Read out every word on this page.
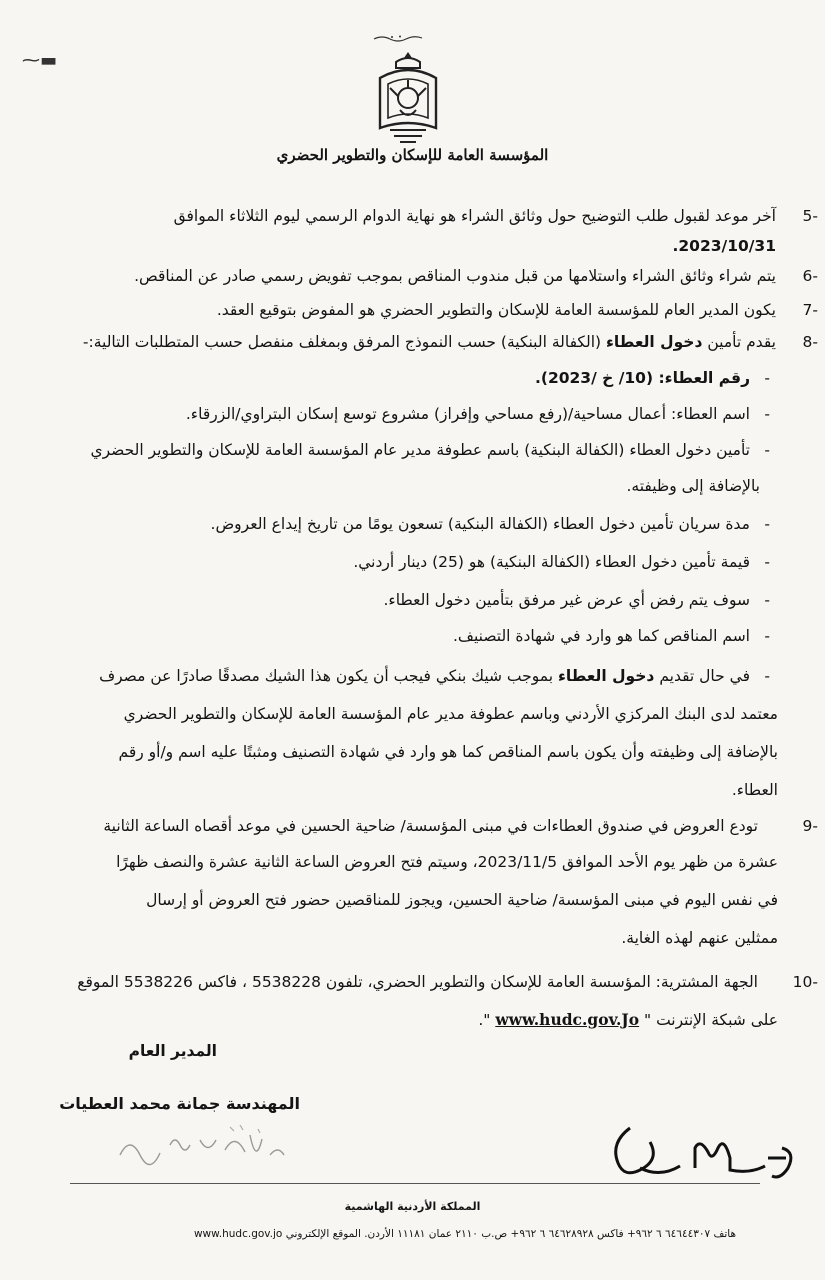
⁓▬
المؤسسة العامة للإسكان والتطوير الحضري
-5
آخر موعد لقبول طلب التوضيح حول وثائق الشراء هو نهاية الدوام الرسمي ليوم الثلاثاء الموافق
2023/10/31.
-6
يتم شراء وثائق الشراء واستلامها من قبل مندوب المناقص بموجب تفويض رسمي صادر عن المناقص.
-7
يكون المدير العام للمؤسسة العامة للإسكان والتطوير الحضري هو المفوض بتوقيع العقد.
-8
يقدم تأمين دخول العطاء (الكفالة البنكية) حسب النموذج المرفق وبمغلف منفصل حسب المتطلبات التالية:-
-
رقم العطاء: (10/ خ /2023).
-
اسم العطاء: أعمال مساحية/(رفع مساحي وإفراز) مشروع توسع إسكان البتراوي/الزرقاء.
-
تأمين دخول العطاء (الكفالة البنكية) باسم عطوفة مدير عام المؤسسة العامة للإسكان والتطوير الحضري
بالإضافة إلى وظيفته.
-
مدة سريان تأمين دخول العطاء (الكفالة البنكية) تسعون يومًا من تاريخ إيداع العروض.
-
قيمة تأمين دخول العطاء (الكفالة البنكية) هو (25) دينار أردني.
-
سوف يتم رفض أي عرض غير مرفق بتأمين دخول العطاء.
-
اسم المناقص كما هو وارد في شهادة التصنيف.
-
في حال تقديم دخول العطاء بموجب شيك بنكي فيجب أن يكون هذا الشيك مصدقًا صادرًا عن مصرف
معتمد لدى البنك المركزي الأردني وباسم عطوفة مدير عام المؤسسة العامة للإسكان والتطوير الحضري
بالإضافة إلى وظيفته وأن يكون باسم المناقص كما هو وارد في شهادة التصنيف ومثبتًا عليه اسم و/أو رقم
العطاء.
-9
تودع العروض في صندوق العطاءات في مبنى المؤسسة/ ضاحية الحسين في موعد أقصاه الساعة الثانية
عشرة من ظهر يوم الأحد الموافق 2023/11/5، وسيتم فتح العروض الساعة الثانية عشرة والنصف ظهرًا
في نفس اليوم في مبنى المؤسسة/ ضاحية الحسين، ويجوز للمناقصين حضور فتح العروض أو إرسال
ممثلين عنهم لهذه الغاية.
-10
الجهة المشترية: المؤسسة العامة للإسكان والتطوير الحضري، تلفون 5538228 ، فاكس 5538226 الموقع
على شبكة الإنترنت " www.hudc.gov.Jo ".
المدير العام
المهندسة جمانة محمد العطيات
المملكة الأردنية الهاشمية
هاتف ٦٤٦٤٤٣٠٧ ٦ ٩٦٢+ فاكس ٦٤٦٢٨٩٢٨ ٦ ٩٦٢+ ص.ب ٢١١٠ عمان ١١١٨١ الأردن. الموقع الإلكتروني www.hudc.gov.jo
